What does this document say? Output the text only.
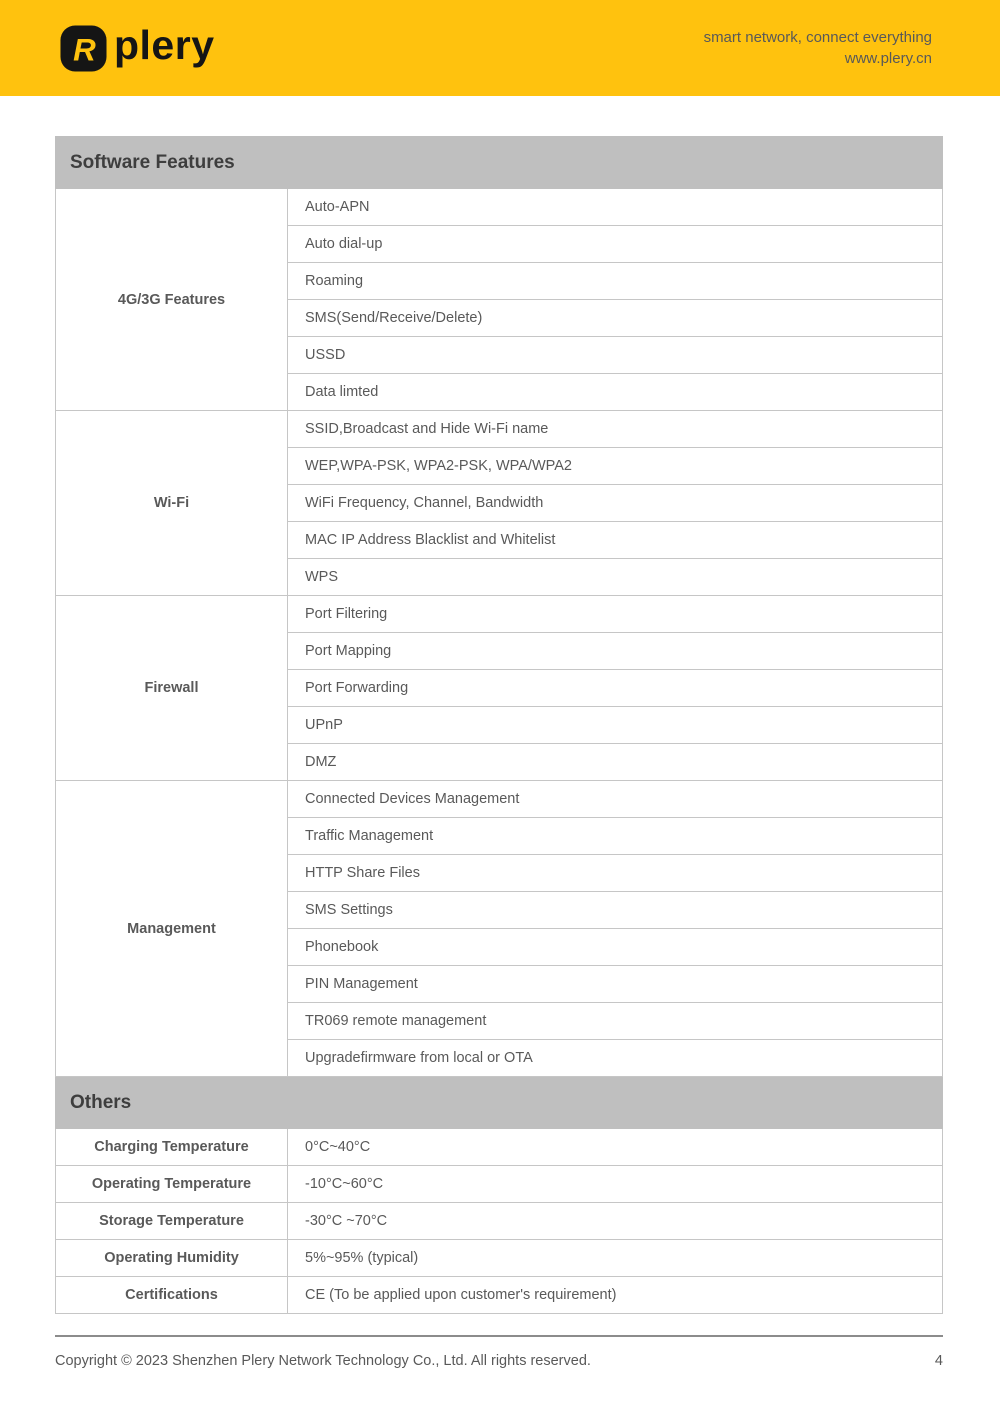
R plery	smart network, connect everything
www.plery.cn
Software Features	
4G/3G Features	Auto-APN
	Auto dial-up
	Roaming
	SMS(Send/Receive/Delete)
	USSD
	Data limted
Wi-Fi	SSID,Broadcast and Hide Wi-Fi name
	WEP,WPA-PSK, WPA2-PSK, WPA/WPA2
	WiFi Frequency, Channel, Bandwidth
	MAC IP Address Blacklist and Whitelist
	WPS
Firewall	Port Filtering
	Port Mapping
	Port Forwarding
	UPnP
	DMZ
Management	Connected Devices Management
	Traffic Management
	HTTP Share Files
	SMS Settings
	Phonebook
	PIN Management
	TR069 remote management
	Upgradefirmware from local or OTA
Others	
Charging Temperature	0°C~40°C
Operating Temperature	-10°C~60°C
Storage Temperature	-30°C ~70°C
Operating Humidity	5%~95% (typical)
Certifications	CE (To be applied upon customer's requirement)
Copyright © 2023 Shenzhen Plery Network Technology Co., Ltd. All rights reserved.	4
